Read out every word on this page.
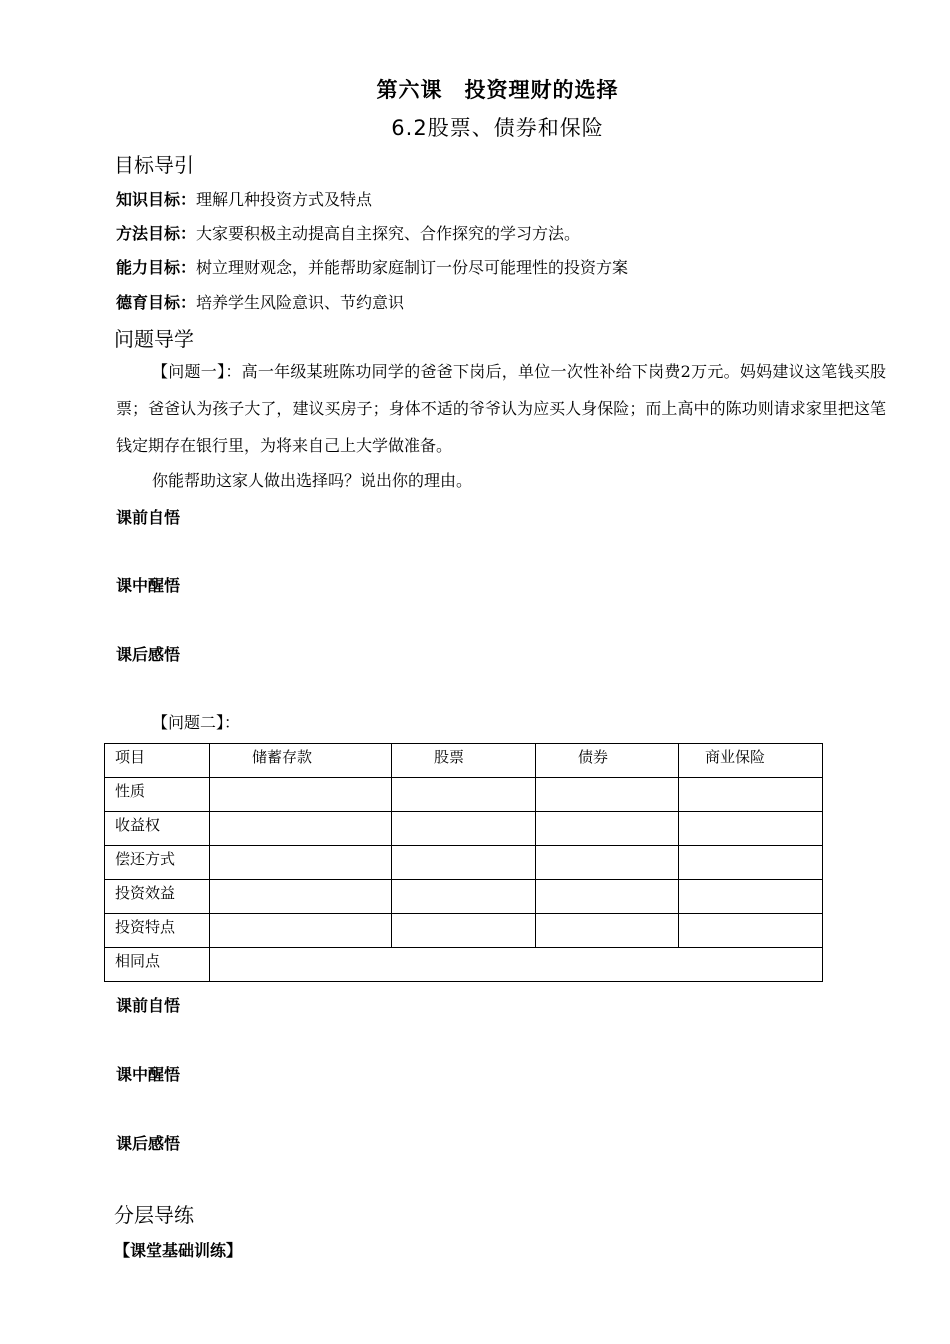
第六课　投资理财的选择
6.2股票、债券和保险
目标导引
知识目标：理解几种投资方式及特点
方法目标：大家要积极主动提高自主探究、合作探究的学习方法。
能力目标：树立理财观念，并能帮助家庭制订一份尽可能理性的投资方案
德育目标：培养学生风险意识、节约意识
问题导学
【问题一】：高一年级某班陈功同学的爸爸下岗后，单位一次性补给下岗费2万元。妈妈建议这笔钱买股票；爸爸认为孩子大了，建议买房子；身体不适的爷爷认为应买人身保险；而上高中的陈功则请求家里把这笔钱定期存在银行里，为将来自己上大学做准备。
你能帮助这家人做出选择吗？说出你的理由。
课前自悟
课中醒悟
课后感悟
【问题二】：
项目	储蓄存款	股票	债券	商业保险
性质				
收益权				
偿还方式				
投资效益				
投资特点				
相同点				
课前自悟
课中醒悟
课后感悟
分层导练
【课堂基础训练】
